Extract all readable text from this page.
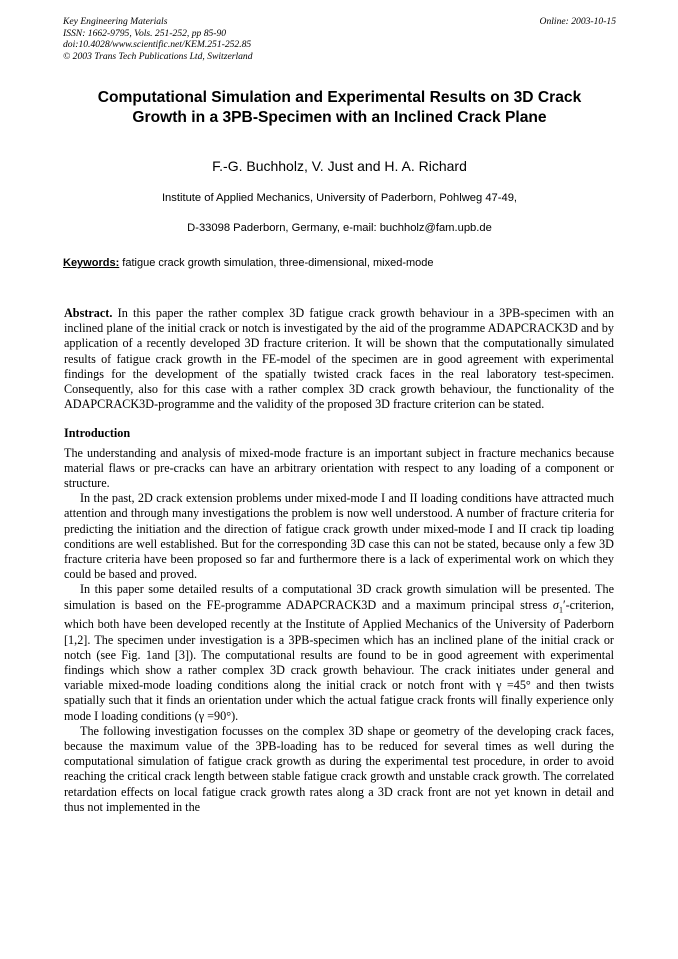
Key Engineering Materials
ISSN: 1662-9795, Vols. 251-252, pp 85-90
doi:10.4028/www.scientific.net/KEM.251-252.85
© 2003 Trans Tech Publications Ltd, Switzerland
Online: 2003-10-15
Computational Simulation and Experimental Results on 3D Crack
Growth in a 3PB-Specimen with an Inclined Crack Plane
F.-G. Buchholz, V. Just and H. A. Richard
Institute of Applied Mechanics, University of Paderborn, Pohlweg 47-49,
D-33098 Paderborn, Germany, e-mail: buchholz@fam.upb.de
Keywords: fatigue crack growth simulation, three-dimensional, mixed-mode

Abstract. In this paper the rather complex 3D fatigue crack growth behaviour in a 3PB-specimen with an inclined plane of the initial crack or notch is investigated by the aid of the programme ADAPCRACK3D and by application of a recently developed 3D fracture criterion. It will be shown that the computationally simulated results of fatigue crack growth in the FE-model of the specimen are in good agreement with experimental findings for the development of the spatially twisted crack faces in the real laboratory test-specimen. Consequently, also for this case with a rather complex 3D crack growth behaviour, the functionality of the ADAPCRACK3D-programme and the validity of the proposed 3D fracture criterion can be stated.

Introduction

The understanding and analysis of mixed-mode fracture is an important subject in fracture mechanics because material flaws or pre-cracks can have an arbitrary orientation with respect to any loading of a component or structure.

In the past, 2D crack extension problems under mixed-mode I and II loading conditions have attracted much attention and through many investigations the problem is now well understood. A number of fracture criteria for predicting the initiation and the direction of fatigue crack growth under mixed-mode I and II crack tip loading conditions are well established. But for the corresponding 3D case this can not be stated, because only a few 3D fracture criteria have been proposed so far and furthermore there is a lack of experimental work on which they could be based and proved.

In this paper some detailed results of a computational 3D crack growth simulation will be presented. The simulation is based on the FE-programme ADAPCRACK3D and a maximum principal stress $\sigma_1'$-criterion, which both have been developed recently at the Institute of Applied Mechanics of the University of Paderborn [1,2]. The specimen under investigation is a 3PB-specimen which has an inclined plane of the initial crack or notch (see Fig. 1and [3]). The computational results are found to be in good agreement with experimental findings which show a rather complex 3D crack growth behaviour. The crack initiates under general and variable mixed-mode loading conditions along the initial crack or notch front with γ =45° and then twists spatially such that it finds an orientation under which the actual fatigue crack fronts will finally experience only mode I loading conditions (γ =90°).

The following investigation focusses on the complex 3D shape or geometry of the developing crack faces, because the maximum value of the 3PB-loading has to be reduced for several times as well during the computational simulation of fatigue crack growth as during the experimental test procedure, in order to avoid reaching the critical crack length between stable fatigue crack growth and unstable crack growth. The correlated retardation effects on local fatigue crack growth rates along a 3D crack front are not yet known in detail and thus not implemented in the
